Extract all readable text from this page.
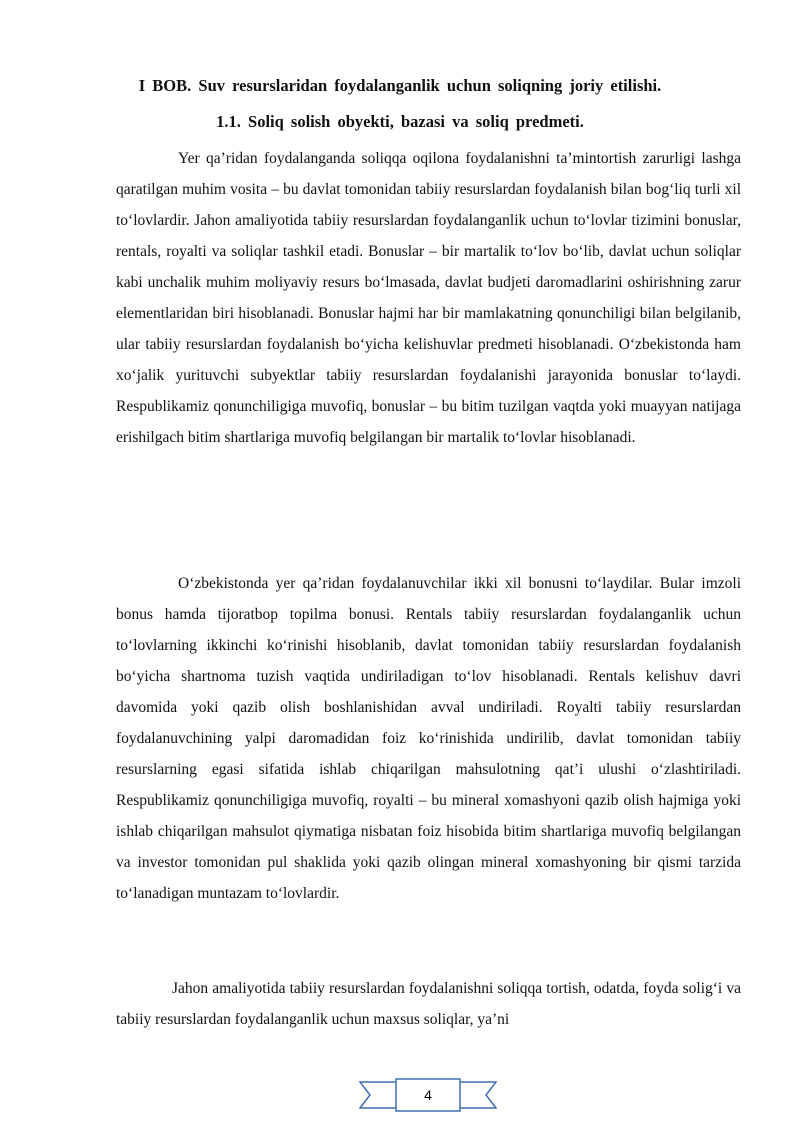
I BOB. Suv resurslaridan foydalanganlik uchun soliqning joriy etilishi.
1.1. Soliq solish obyekti, bazasi va soliq predmeti.

Yer qa’ridan foydalanganda soliqqa oqilona foydalanishni ta’mintortish zarurligi lashga qaratilgan muhim vosita – bu davlat tomonidan tabiiy resurslardan foydalanish bilan bog‘liq turli xil to‘lovlardir. Jahon amaliyotida tabiiy resurslardan foydalanganlik uchun to‘lovlar tizimini bonuslar, rentals, royalti va soliqlar tashkil etadi. Bonuslar – bir martalik to‘lov bo‘lib, davlat uchun soliqlar kabi unchalik muhim moliyaviy resurs bo‘lmasada, davlat budjeti daromadlarini oshirishning zarur elementlaridan biri hisoblanadi. Bonuslar hajmi har bir mamlakatning qonunchiligi bilan belgilanib, ular tabiiy resurslardan foydalanish bo‘yicha kelishuvlar predmeti hisoblanadi. O‘zbekistonda ham xo‘jalik yurituvchi subyektlar tabiiy resurslardan foydalanishi jarayonida bonuslar to‘laydi. Respublikamiz qonunchiligiga muvofiq, bonuslar – bu bitim tuzilgan vaqtda yoki muayyan natijaga erishilgach bitim shartlariga muvofiq belgilangan bir martalik to‘lovlar hisoblanadi.

O‘zbekistonda yer qa’ridan foydalanuvchilar ikki xil bonusni to‘laydilar. Bular imzoli bonus hamda tijoratbop topilma bonusi. Rentals tabiiy resurslardan foydalanganlik uchun to‘lovlarning ikkinchi ko‘rinishi hisoblanib, davlat tomonidan tabiiy resurslardan foydalanish bo‘yicha shartnoma tuzish vaqtida undiriladigan to‘lov hisoblanadi. Rentals kelishuv davri davomida yoki qazib olish boshlanishidan avval undiriladi. Royalti tabiiy resurslardan foydalanuvchining yalpi daromadidan foiz ko‘rinishida undirilib, davlat tomonidan tabiiy resurslarning egasi sifatida ishlab chiqarilgan mahsulotning qat’i ulushi o‘zlashtiriladi. Respublikamiz qonunchiligiga muvofiq, royalti – bu mineral xomashyoni qazib olish hajmiga yoki ishlab chiqarilgan mahsulot qiymatiga nisbatan foiz hisobida bitim shartlariga muvofiq belgilangan va investor tomonidan pul shaklida yoki qazib olingan mineral xomashyoning bir qismi tarzida to‘lanadigan muntazam to‘lovlardir.

Jahon amaliyotida tabiiy resurslardan foydalanishni soliqqa tortish, odatda, foyda solig‘i va tabiiy resurslardan foydalanganlik uchun maxsus soliqlar, ya’ni

4
